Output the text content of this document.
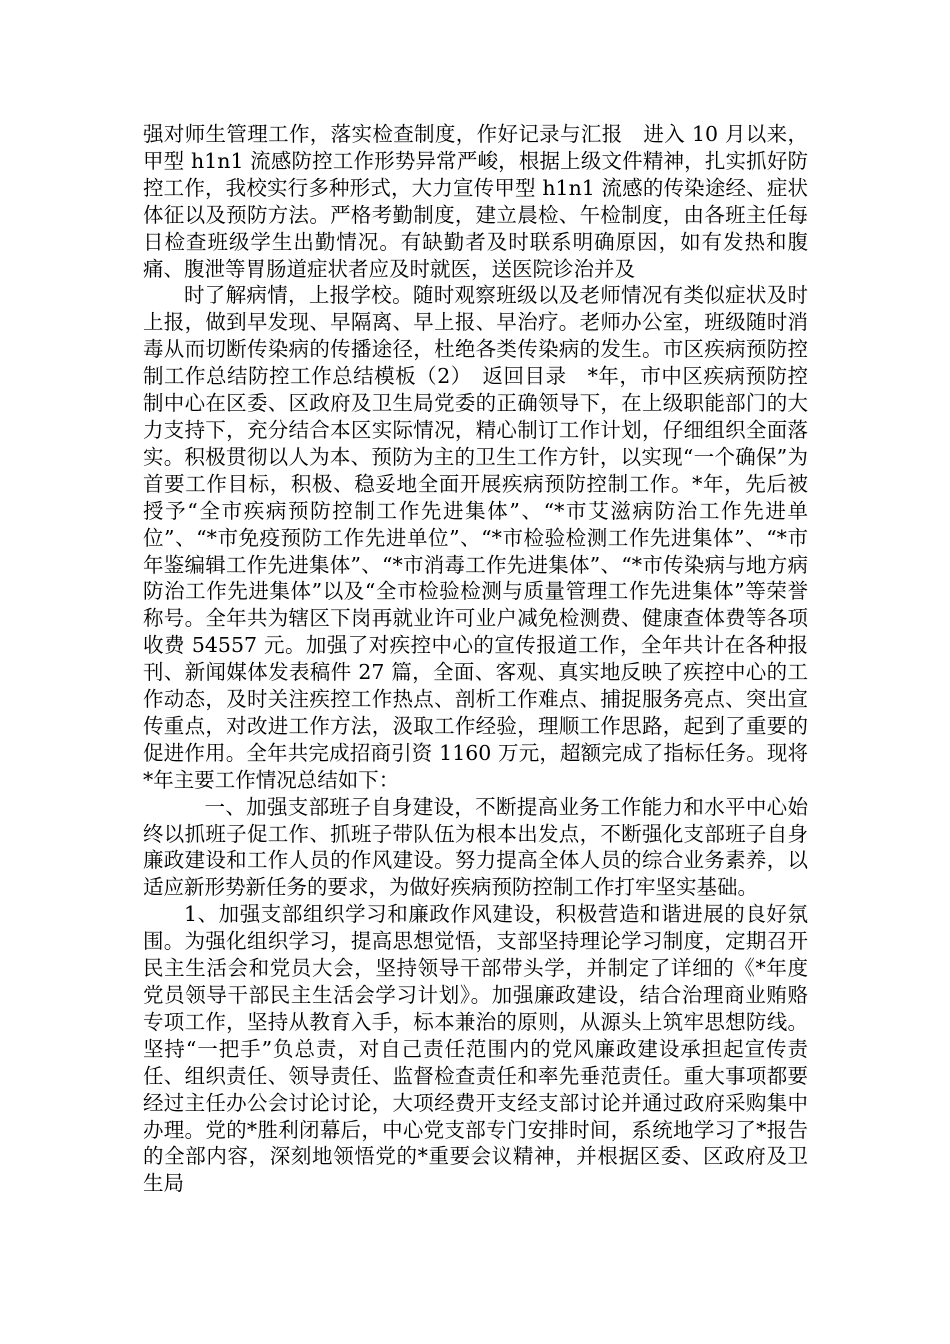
强对师生管理工作，落实检查制度，作好记录与汇报　进入 10 月以来，甲型 h1n1 流感防控工作形势异常严峻，根据上级文件精神，扎实抓好防控工作，我校实行多种形式，大力宣传甲型 h1n1 流感的传染途经、症状体征以及预防方法。严格考勤制度，建立晨检、午检制度，由各班主任每日检查班级学生出勤情况。有缺勤者及时联系明确原因，如有发热和腹痛、腹泄等胃肠道症状者应及时就医，送医院诊治并及

时了解病情，上报学校。随时观察班级以及老师情况有类似症状及时上报，做到早发现、早隔离、早上报、早治疗。老师办公室，班级随时消毒从而切断传染病的传播途径，杜绝各类传染病的发生。市区疾病预防控制工作总结防控工作总结模板（2）　返回目录　*年，市中区疾病预防控制中心在区委、区政府及卫生局党委的正确领导下，在上级职能部门的大力支持下，充分结合本区实际情况，精心制订工作计划，仔细组织全面落实。积极贯彻以人为本、预防为主的卫生工作方针，以实现“一个确保”为首要工作目标，积极、稳妥地全面开展疾病预防控制工作。*年，先后被授予“全市疾病预防控制工作先进集体”、“*市艾滋病防治工作先进单位”、“*市免疫预防工作先进单位”、“*市检验检测工作先进集体”、“*市年鉴编辑工作先进集体”、“*市消毒工作先进集体”、“*市传染病与地方病防治工作先进集体”以及“全市检验检测与质量管理工作先进集体”等荣誉称号。全年共为辖区下岗再就业许可业户减免检测费、健康查体费等各项收费 54557 元。加强了对疾控中心的宣传报道工作，全年共计在各种报刊、新闻媒体发表稿件 27 篇，全面、客观、真实地反映了疾控中心的工作动态，及时关注疾控工作热点、剖析工作难点、捕捉服务亮点、突出宣传重点，对改进工作方法，汲取工作经验，理顺工作思路，起到了重要的促进作用。全年共完成招商引资 1160 万元，超额完成了指标任务。现将*年主要工作情况总结如下：

一、加强支部班子自身建设，不断提高业务工作能力和水平中心始终以抓班子促工作、抓班子带队伍为根本出发点，不断强化支部班子自身廉政建设和工作人员的作风建设。努力提高全体人员的综合业务素养，以适应新形势新任务的要求，为做好疾病预防控制工作打牢坚实基础。

1、加强支部组织学习和廉政作风建设，积极营造和谐进展的良好氛围。为强化组织学习，提高思想觉悟，支部坚持理论学习制度，定期召开民主生活会和党员大会，坚持领导干部带头学，并制定了详细的《*年度党员领导干部民主生活会学习计划》。加强廉政建设，结合治理商业贿赂专项工作，坚持从教育入手，标本兼治的原则，从源头上筑牢思想防线。坚持“一把手”负总责，对自己责任范围内的党风廉政建设承担起宣传责任、组织责任、领导责任、监督检查责任和率先垂范责任。重大事项都要经过主任办公会讨论讨论，大项经费开支经支部讨论并通过政府采购集中办理。党的*胜利闭幕后，中心党支部专门安排时间，系统地学习了*报告的全部内容，深刻地领悟党的*重要会议精神，并根据区委、区政府及卫生局
